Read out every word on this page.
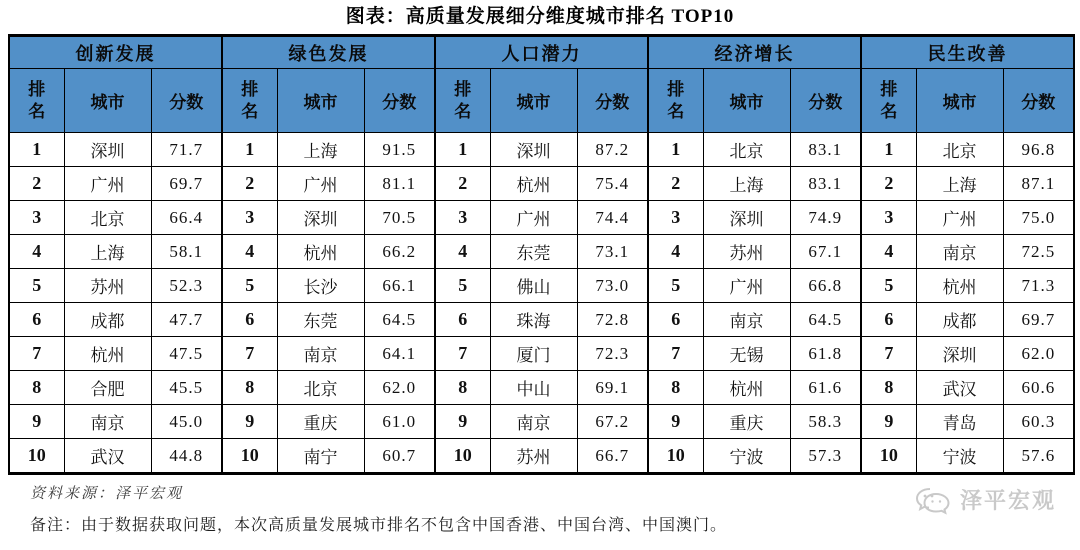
图表：高质量发展细分维度城市排名 TOP10
创新发展			绿色发展			人口潜力			经济增长			民生改善		
排名	城市	分数	排名	城市	分数	排名	城市	分数	排名	城市	分数	排名	城市	分数
1	深圳	71.7	1	上海	91.5	1	深圳	87.2	1	北京	83.1	1	北京	96.8
2	广州	69.7	2	广州	81.1	2	杭州	75.4	2	上海	83.1	2	上海	87.1
3	北京	66.4	3	深圳	70.5	3	广州	74.4	3	深圳	74.9	3	广州	75.0
4	上海	58.1	4	杭州	66.2	4	东莞	73.1	4	苏州	67.1	4	南京	72.5
5	苏州	52.3	5	长沙	66.1	5	佛山	73.0	5	广州	66.8	5	杭州	71.3
6	成都	47.7	6	东莞	64.5	6	珠海	72.8	6	南京	64.5	6	成都	69.7
7	杭州	47.5	7	南京	64.1	7	厦门	72.3	7	无锡	61.8	7	深圳	62.0
8	合肥	45.5	8	北京	62.0	8	中山	69.1	8	杭州	61.6	8	武汉	60.6
9	南京	45.0	9	重庆	61.0	9	南京	67.2	9	重庆	58.3	9	青岛	60.3
10	武汉	44.8	10	南宁	60.7	10	苏州	66.7	10	宁波	57.3	10	宁波	57.6
资料来源：泽平宏观
备注：由于数据获取问题，本次高质量发展城市排名不包含中国香港、中国台湾、中国澳门。
泽平宏观
